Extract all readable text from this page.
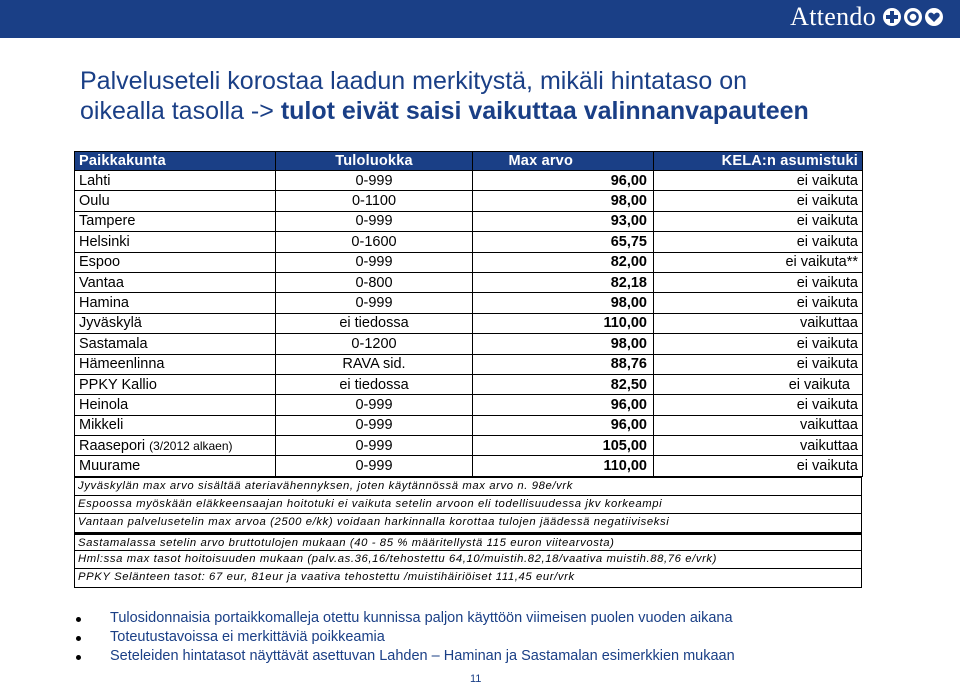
Attendo
Palveluseteli korostaa laadun merkitystä, mikäli hintataso on
oikealla tasolla -> tulot eivät saisi vaikuttaa valinnanvapauteen
Paikkakunta	Tuloluokka	Max arvo	KELA:n asumistuki
Lahti	0-999	96,00	ei vaikuta
Oulu	0-1100	98,00	ei vaikuta
Tampere	0-999	93,00	ei vaikuta
Helsinki	0-1600	65,75	ei vaikuta
Espoo	0-999	82,00	ei vaikuta**
Vantaa	0-800	82,18	ei vaikuta
Hamina	0-999	98,00	ei vaikuta
Jyväskylä	ei tiedossa	110,00	vaikuttaa
Sastamala	0-1200	98,00	ei vaikuta
Hämeenlinna	RAVA sid.	88,76	ei vaikuta
PPKY Kallio	ei tiedossa	82,50	ei vaikuta
Heinola	0-999	96,00	ei vaikuta
Mikkeli	0-999	96,00	vaikuttaa
Raasepori (3/2012 alkaen)	0-999	105,00	vaikuttaa
Muurame	0-999	110,00	ei vaikuta
Jyväskylän max arvo sisältää ateriavähennyksen, joten käytännössä max arvo n. 98e/vrk
Espoossa myöskään eläkkeensaajan hoitotuki ei vaikuta setelin arvoon eli todellisuudessa jkv korkeampi
Vantaan palvelusetelin max arvoa (2500 e/kk) voidaan harkinnalla korottaa tulojen jäädessä negatiiviseksi
Sastamalassa setelin arvo bruttotulojen mukaan (40 - 85 % määritellystä 115 euron viitearvosta)
Hml:ssa max tasot hoitoisuuden mukaan (palv.as.36,16/tehostettu 64,10/muistih.82,18/vaativa muistih.88,76 e/vrk)
PPKY Selänteen tasot: 67 eur, 81eur ja vaativa tehostettu /muistihäiriöiset 111,45 eur/vrk
Tulosidonnaisia portaikkomalleja otettu kunnissa paljon käyttöön viimeisen puolen vuoden aikana
Toteutustavoissa ei merkittäviä poikkeamia
Seteleiden hintatasot näyttävät asettuvan Lahden – Haminan ja Sastamalan esimerkkien mukaan
11
